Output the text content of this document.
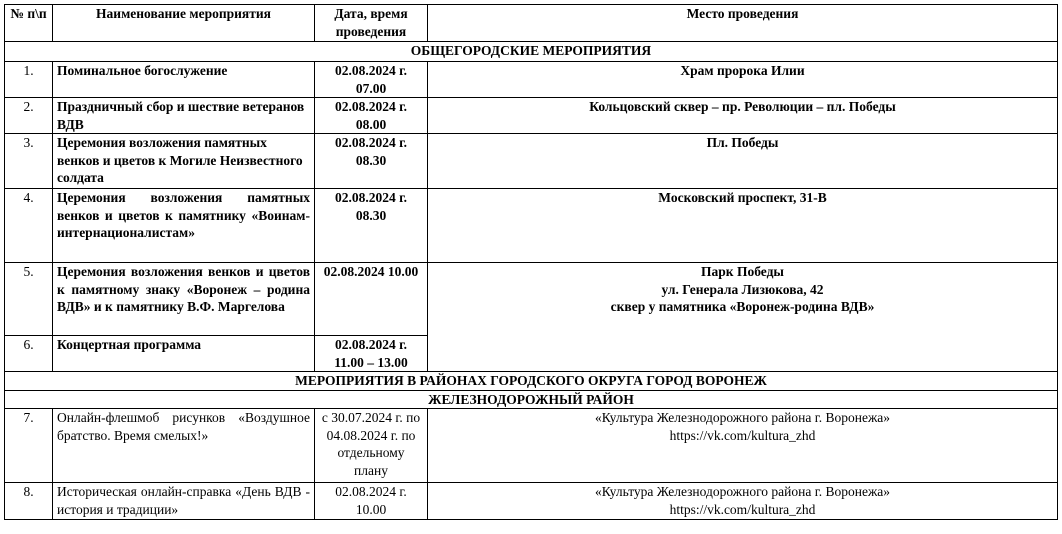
№ п\п	Наименование мероприятия	Дата, время проведения	Место проведения
ОБЩЕГОРОДСКИЕ МЕРОПРИЯТИЯ			
1.	Поминальное богослужение	02.08.2024 г. 07.00	Храм пророка Илии

2.	Праздничный сбор и шествие ветеранов ВДВ	02.08.2024 г. 08.00	Кольцовский сквер – пр. Революции – пл. Победы

3.	Церемония возложения памятных венков и цветов к Могиле Неизвестного солдата	02.08.2024 г. 08.30	Пл. Победы

4.	Церемония возложения памятных венков и цветов к памятнику «Воинам-интернационалистам»	02.08.2024 г. 08.30	Московский проспект, 31-В

5.	Церемония возложения венков и цветов к памятному знаку «Воронеж – родина ВДВ» и к памятнику В.Ф. Маргелова	02.08.2024 10.00	Парк Победы
ул. Генерала Лизюкова, 42
сквер у памятника «Воронеж-родина ВДВ»

6.	Концертная программа	02.08.2024 г. 11.00 – 13.00	
МЕРОПРИЯТИЯ В РАЙОНАХ ГОРОДСКОГО ОКРУГА ГОРОД ВОРОНЕЖ			
ЖЕЛЕЗНОДОРОЖНЫЙ РАЙОН			
7.	Онлайн-флешмоб рисунков «Воздушное братство. Время смелых!»	с 30.07.2024 г. по 04.08.2024 г. по отдельному плану	«Культура Железнодорожного района г. Воронежа»
https://vk.com/kultura_zhd

8.	Историческая онлайн-справка «День ВДВ - история и традиции»	02.08.2024 г. 10.00	«Культура Железнодорожного района г. Воронежа»
https://vk.com/kultura_zhd
